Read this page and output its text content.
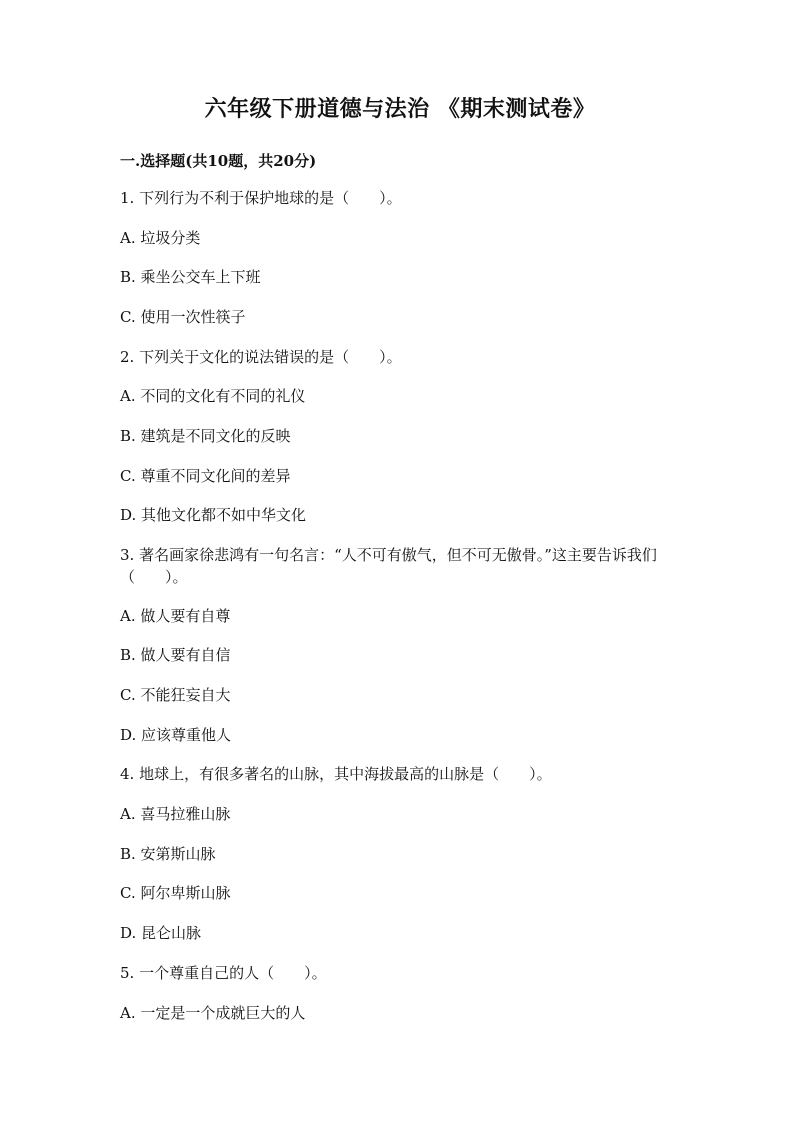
六年级下册道德与法治 《期末测试卷》
一.选择题(共10题，共20分)
1. 下列行为不利于保护地球的是（　　）。
A. 垃圾分类
B. 乘坐公交车上下班
C. 使用一次性筷子
2. 下列关于文化的说法错误的是（　　）。
A. 不同的文化有不同的礼仪
B. 建筑是不同文化的反映
C. 尊重不同文化间的差异
D. 其他文化都不如中华文化
3. 著名画家徐悲鸿有一句名言：“人不可有傲气，但不可无傲骨。”这主要告诉我们（　　）。
A. 做人要有自尊
B. 做人要有自信
C. 不能狂妄自大
D. 应该尊重他人
4. 地球上，有很多著名的山脉，其中海拔最高的山脉是（　　）。
A. 喜马拉雅山脉
B. 安第斯山脉
C. 阿尔卑斯山脉
D. 昆仑山脉
5. 一个尊重自己的人（　　）。
A. 一定是一个成就巨大的人
